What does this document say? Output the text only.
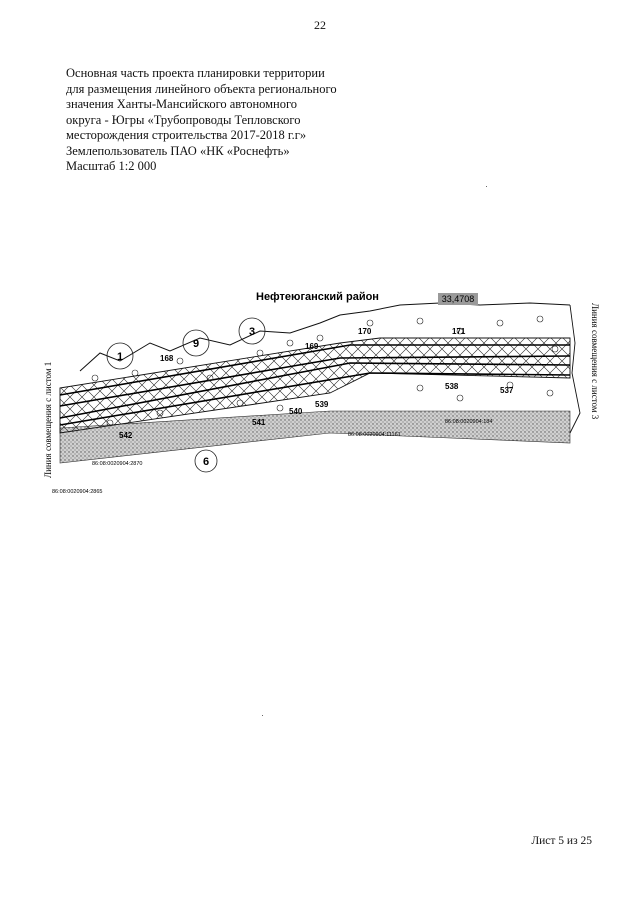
22
Основная часть проекта планировки территории
для размещения линейного объекта регионального
значения Ханты-Мансийского автономного
округа - Югры «Трубопроводы Тепловского
месторождения строительства 2017-2018 г.г»
Землепользователь ПАО «НК «Роснефть»
Масштаб 1:2 000
1
9
3
6
Нефтеюганский район	33,4708
168
169
170	171
537
538
539
540
541
542
86:08:0020904:2870
86:08:0020904:11161
86:08:0020904:184
86:08:0020904:2865
Линия совмещения с листом 1
Линия совмещения с листом 3
Лист 5 из 25
